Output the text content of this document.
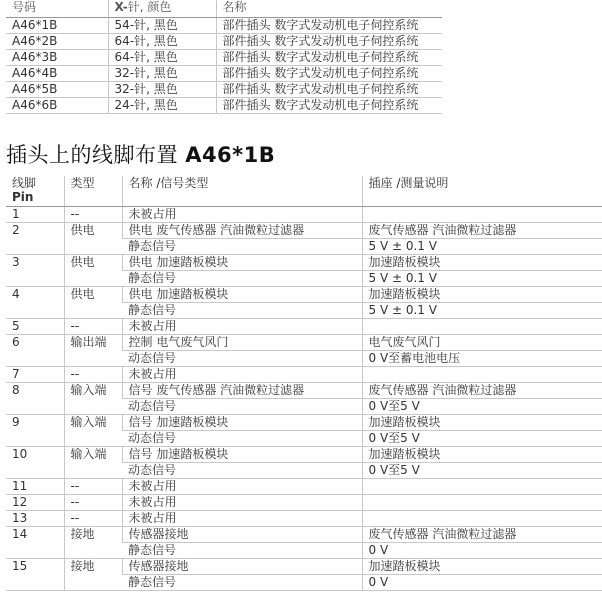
号码	X-针, 颜色	名称
A46*1B	54-针, 黑色	部件插头 数字式发动机电子伺控系统
A46*2B	64-针, 黑色	部件插头 数字式发动机电子伺控系统
A46*3B	64-针, 黑色	部件插头 数字式发动机电子伺控系统
A46*4B	32-针, 黑色	部件插头 数字式发动机电子伺控系统
A46*5B	32-针, 黑色	部件插头 数字式发动机电子伺控系统
A46*6B	24-针, 黑色	部件插头 数字式发动机电子伺控系统
插头上的线脚布置 A46*1B
线脚
Pin	类型	名称 /信号类型	插座 /测量说明
1	--	未被占用	
2	供电	供电 废气传感器 汽油微粒过滤器	废气传感器 汽油微粒过滤器
		静态信号	5 V ± 0.1 V
3	供电	供电 加速踏板模块	加速踏板模块
		静态信号	5 V ± 0.1 V
4	供电	供电 加速踏板模块	加速踏板模块
		静态信号	5 V ± 0.1 V
5	--	未被占用	
6	输出端	控制 电气废气风门	电气废气风门
		动态信号	0 V至蓄电池电压
7	--	未被占用	
8	输入端	信号 废气传感器 汽油微粒过滤器	废气传感器 汽油微粒过滤器
		动态信号	0 V至5 V
9	输入端	信号 加速踏板模块	加速踏板模块
		动态信号	0 V至5 V
10	输入端	信号 加速踏板模块	加速踏板模块
		动态信号	0 V至5 V
11	--	未被占用	
12	--	未被占用	
13	--	未被占用	
14	接地	传感器接地	废气传感器 汽油微粒过滤器
		静态信号	0 V
15	接地	传感器接地	加速踏板模块
		静态信号	0 V
